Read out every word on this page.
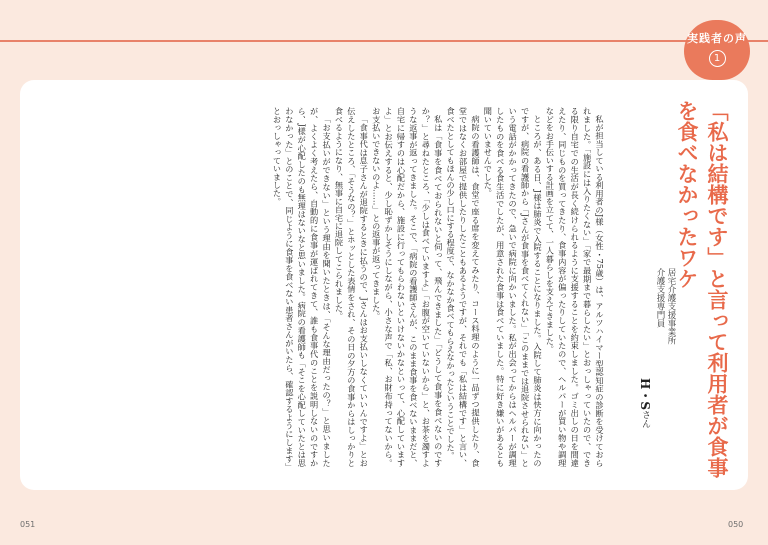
実践者の声
1
「私は結構です」と言って利用者が食事を食べなかったワケ
居宅介護支援事業所
介護支援専門員
H・Sさん

私が担当している利用者のJ様（女性・75歳）は、アルツハイマー型認知症の診断を受けておられました。「施設には入りたくない」「家で最期まで暮らしたい」とおっしゃっていたので、できる限り自宅での生活が長く続けられるように支援することを約束しました。ゴミ出しの日を間違えたり、同じものを買ってきたり、食事内容が偏ったりしていたので、ヘルパーが買い物や調理などをお手伝いする計画を立てて、一人暮らしを支えてきました。

ところが、ある日、J様は肺炎で入院することになりました。入院して肺炎は快方に向かったのですが、病院の看護師から「Jさんが食事を食べてくれない」「このままでは退院させられない」という電話がかかってきたので、急いで病院に向かいました。私が出会ってからはヘルパーが調理したものを食べる食生活でしたが、用意された食事は食べていました。特に好き嫌いがあるとも聞いていませんでした。

病院の看護師は、食堂で座る席を変えてみたり、コース料理のように一品ずつ提供したり、食堂ではなくお部屋で提供したりしたこともあるようですが、それでも「私は結構です」と言い、食べたとしてもほんの少し口にする程度で、なかなか食べてもらえなかったということでした。

私は「食事を食べておられないと伺って、飛んできました」「どうして食事を食べないのですか？」と尋ねたところ、「少しは食べていますよ」「お腹が空いていないから」と、お茶を濁すような返事が返ってきました。そこで、「病院の看護師さんが、このまま食事を食べないままだと、自宅に帰すのは心配だから、施設に行ってもらわないといけないかなといって、心配していますよ」とお伝えすると、少し恥ずかしそうにしながら、小さな声で「私、お財布持ってないから。お支払いできないのよ……」との返事が返ってきました。

「食事代は息子さんが退院するときに払うので、Jさんはお支払いしなくていいんですよ」とお伝えしたところ、「そうなの？」とホッとした表情をされ、その日の夕方の食事からはしっかりと食べるようになり、無事に自宅に退院してこられました。

「お支払いができない」という理由を聞いたときは、「そんな理由だったの？」と思いましたが、よくよく考えたら、自動的に食事が運ばれてきて、誰も食事代のことを説明しないのですから、J様が心配したのも無理はないなと思いました。病院の看護師も「そこを心配していたとは思わなかった」とのことで、同じように食事を食べない患者さんがいたら、確認するようにします」とおっしゃっていました。

051	050
